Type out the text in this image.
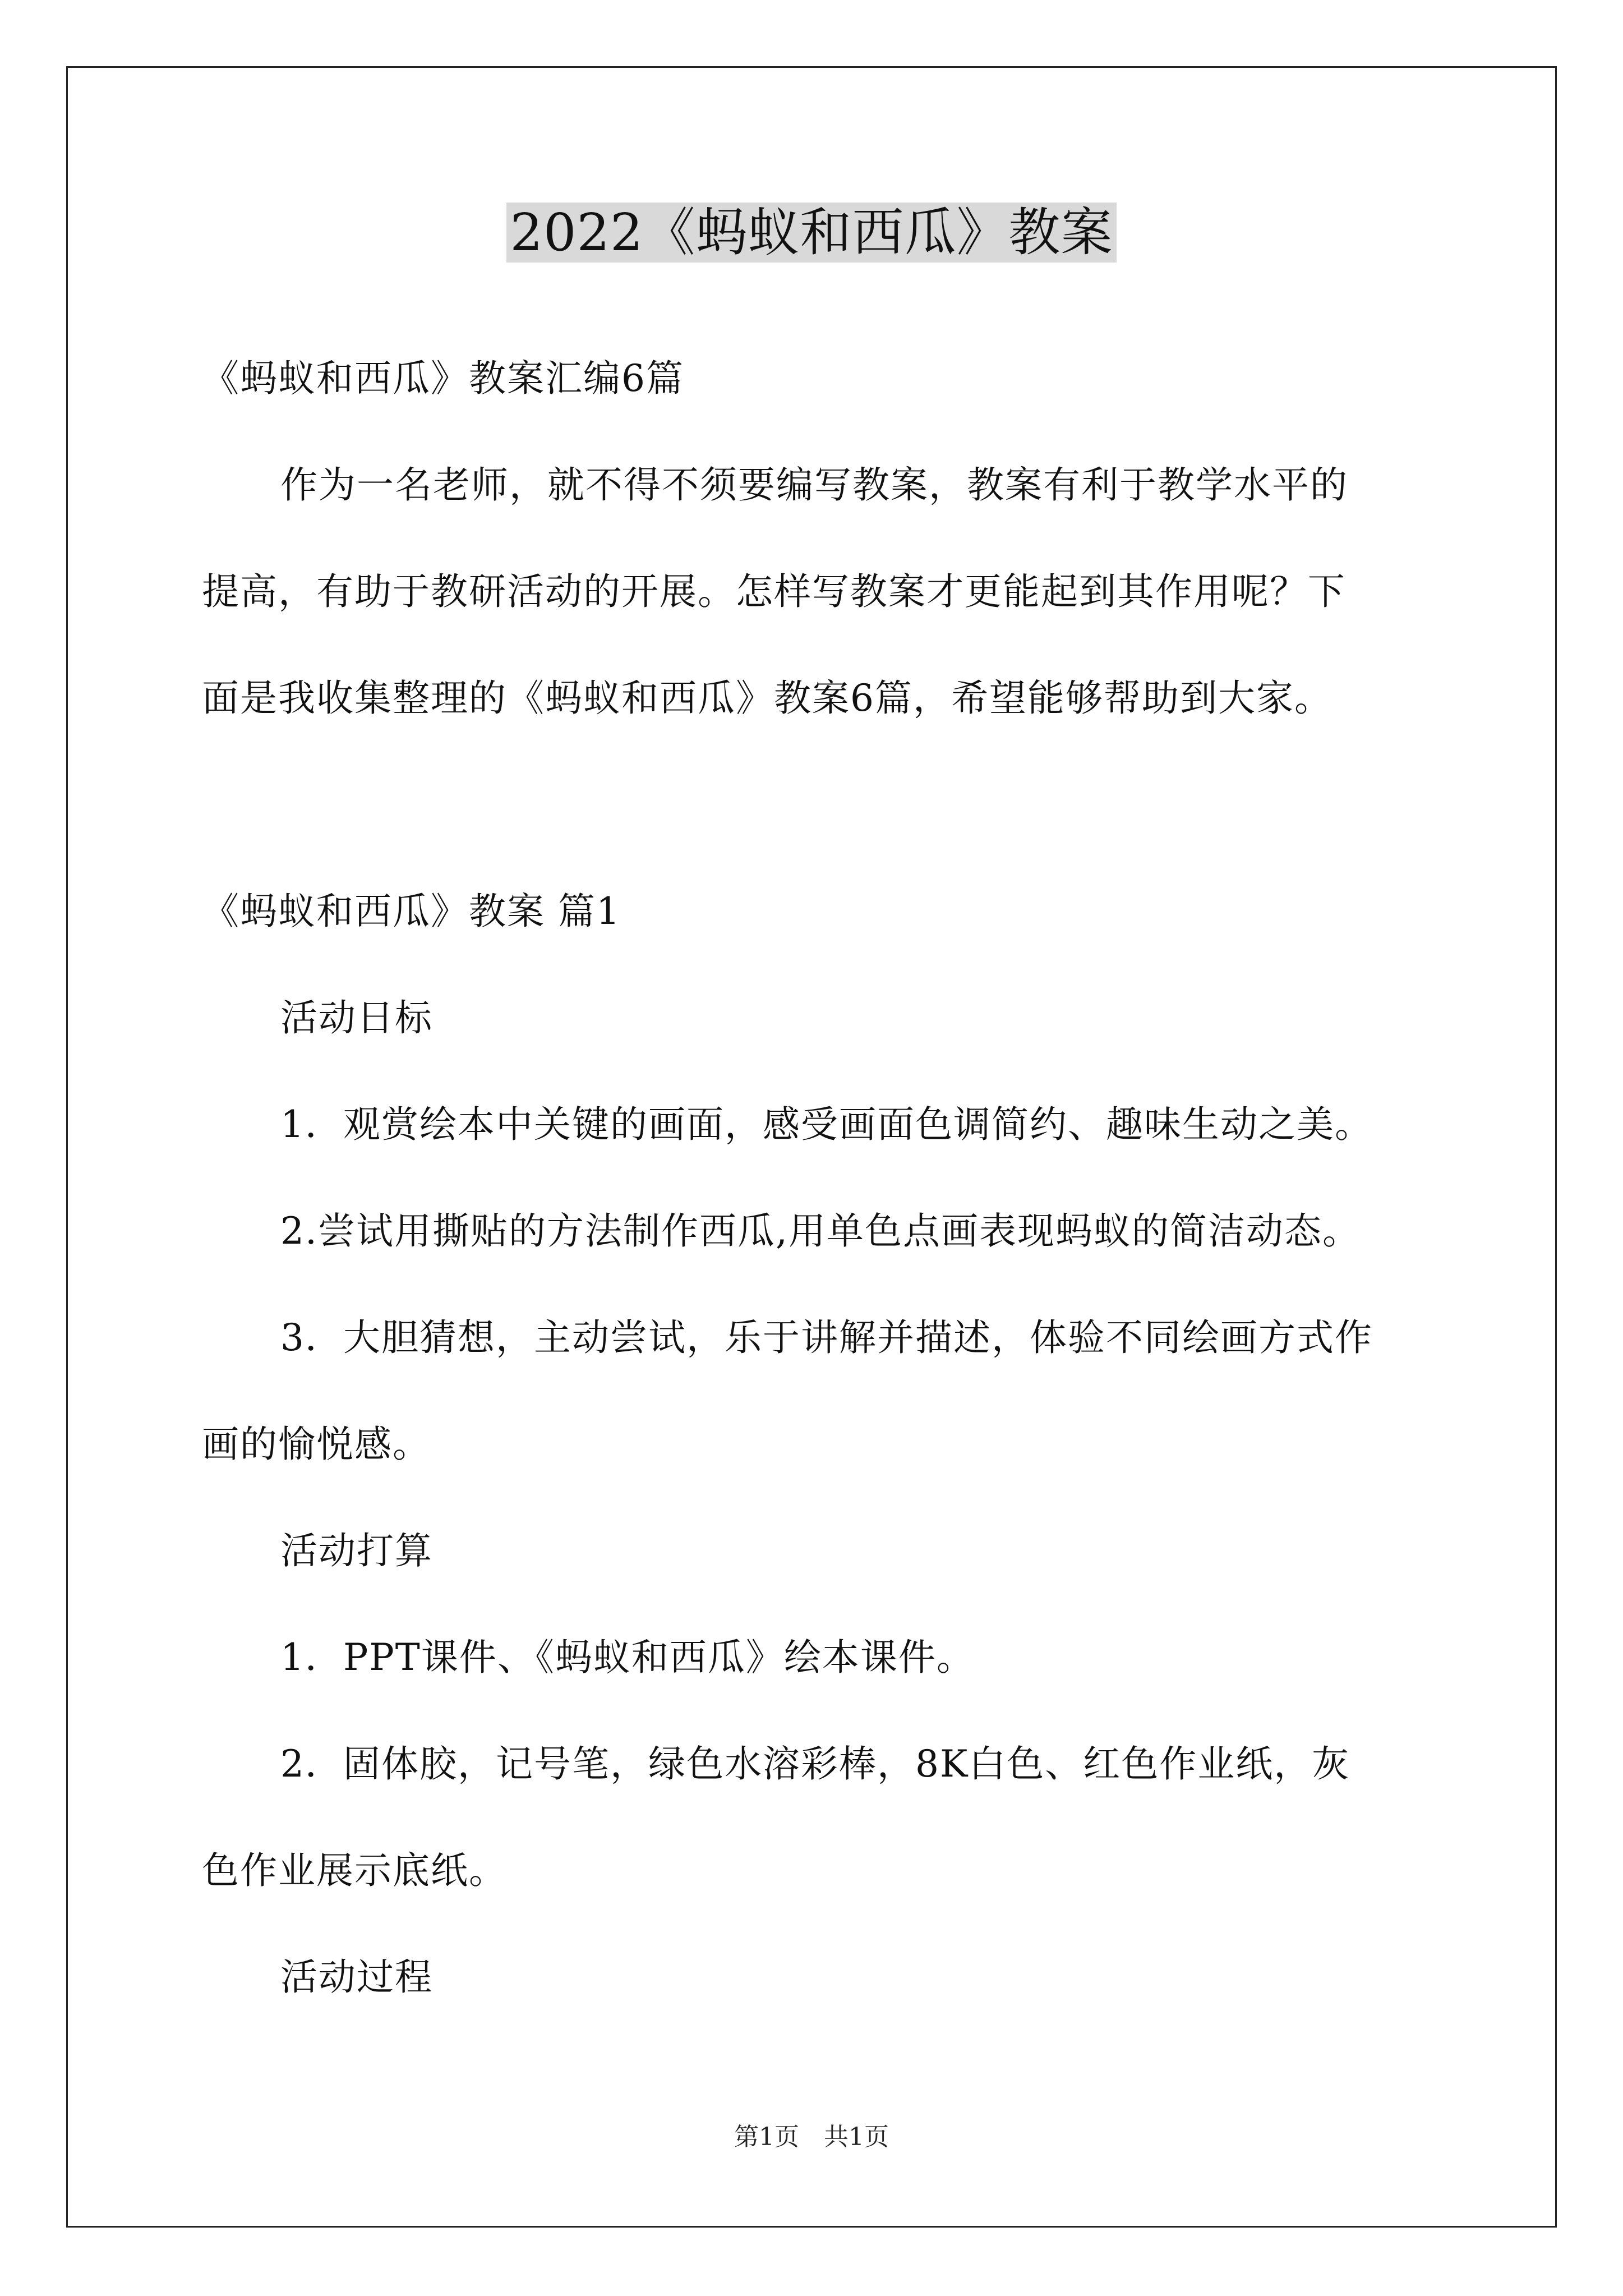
2022《蚂蚁和西瓜》教案
《蚂蚁和西瓜》教案汇编6篇
作为一名老师，就不得不须要编写教案，教案有利于教学水平的
提高，有助于教研活动的开展。怎样写教案才更能起到其作用呢？下
面是我收集整理的《蚂蚁和西瓜》教案6篇，希望能够帮助到大家。
《蚂蚁和西瓜》教案 篇1
活动日标
1．观赏绘本中关键的画面，感受画面色调简约、趣味生动之美。
2.尝试用撕贴的方法制作西瓜,用单色点画表现蚂蚁的简洁动态。
3．大胆猜想，主动尝试，乐于讲解并描述，体验不同绘画方式作
画的愉悦感。
活动打算
1．PPT课件、《蚂蚁和西瓜》绘本课件。
2．固体胶，记号笔，绿色水溶彩棒，8K白色、红色作业纸，灰
色作业展示底纸。
活动过程
第1页　共1页
